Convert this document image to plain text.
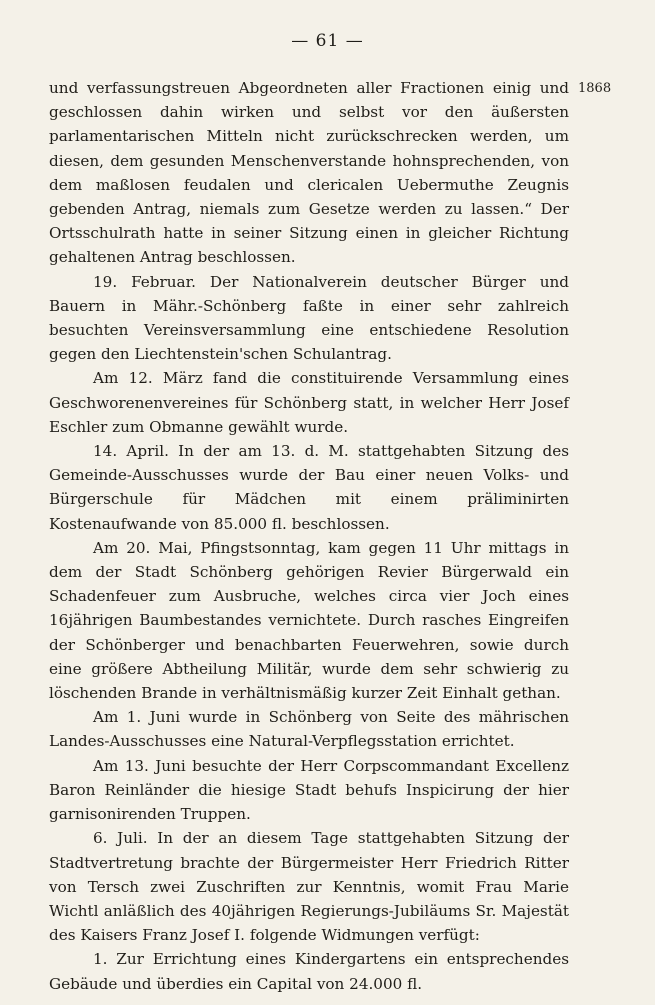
— 61 —
1868

und verfassungstreuen Abgeordneten aller Fractionen einig und geschlossen dahin wirken und selbst vor den äußersten parlamentarischen Mitteln nicht zurückschrecken werden, um diesen, dem gesunden Menschenverstande hohnsprechenden, von dem maßlosen feudalen und clericalen Uebermuthe Zeugnis gebenden Antrag, niemals zum Gesetze werden zu lassen.“ Der Ortsschulrath hatte in seiner Sitzung einen in gleicher Richtung gehaltenen Antrag beschlossen.

19. Februar. Der Nationalverein deutscher Bürger und Bauern in Mähr.-Schönberg faßte in einer sehr zahlreich besuchten Vereinsversammlung eine entschiedene Resolution gegen den Liechtenstein'schen Schulantrag.

Am 12. März fand die constituirende Versammlung eines Geschworenenvereines für Schönberg statt, in welcher Herr Josef Eschler zum Obmanne gewählt wurde.

14. April. In der am 13. d. M. stattgehabten Sitzung des Gemeinde-Ausschusses wurde der Bau einer neuen Volks- und Bürgerschule für Mädchen mit einem präliminirten Kostenaufwande von 85.000 fl. beschlossen.

Am 20. Mai, Pfingstsonntag, kam gegen 11 Uhr mittags in dem der Stadt Schönberg gehörigen Revier Bürgerwald ein Schadenfeuer zum Ausbruche, welches circa vier Joch eines 16jährigen Baumbestandes vernichtete. Durch rasches Eingreifen der Schönberger und benachbarten Feuerwehren, sowie durch eine größere Abtheilung Militär, wurde dem sehr schwierig zu löschenden Brande in verhältnismäßig kurzer Zeit Einhalt gethan.

Am 1. Juni wurde in Schönberg von Seite des mährischen Landes-Ausschusses eine Natural-Verpflegsstation errichtet.

Am 13. Juni besuchte der Herr Corpscommandant Excellenz Baron Reinländer die hiesige Stadt behufs Inspicirung der hier garnisonirenden Truppen.

6. Juli. In der an diesem Tage stattgehabten Sitzung der Stadtvertretung brachte der Bürgermeister Herr Friedrich Ritter von Tersch zwei Zuschriften zur Kenntnis, womit Frau Marie Wichtl anläßlich des 40jährigen Regierungs-Jubiläums Sr. Majestät des Kaisers Franz Josef I. folgende Widmungen verfügt:

1. Zur Errichtung eines Kindergartens ein entsprechendes Gebäude und überdies ein Capital von 24.000 fl.
